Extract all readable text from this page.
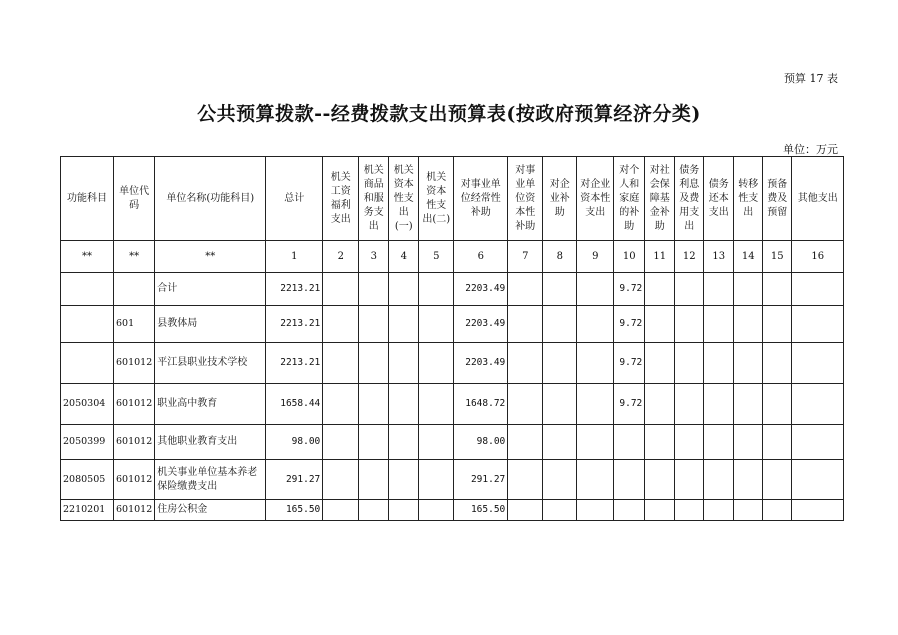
预算 17 表
公共预算拨款--经费拨款支出预算表(按政府预算经济分类)
单位：万元
功能科目	单位代码	单位名称(功能科目)	总计	机关工资福利支出	机关商品和服务支出	机关资本性支出(一)	机关资本性支出(二)	对事业单位经常性补助	对事业单位资本性补助	对企业补助	对企业资本性支出	对个人和家庭的补助	对社会保障基金补助	债务利息及费用支出	债务还本支出	转移性支出	预备费及预留	其他支出
**	**	**	1	2	3	4	5	6	7	8	9	10	11	12	13	14	15	16
		合计	2213.21					2203.49				9.72						
	601	县教体局	2213.21					2203.49				9.72						
	601012	平江县职业技术学校	2213.21					2203.49				9.72						
2050304	601012	职业高中教育	1658.44					1648.72				9.72						
2050399	601012	其他职业教育支出	98.00					98.00										
2080505	601012	机关事业单位基本养老保险缴费支出	291.27					291.27										
2210201	601012	住房公积金	165.50					165.50										
